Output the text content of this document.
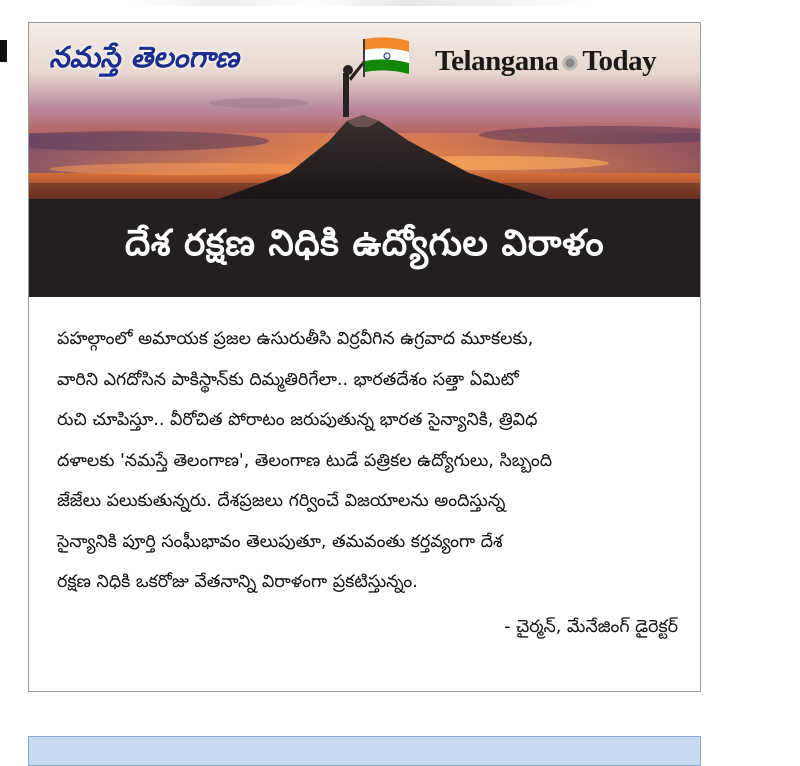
నమస్తే తెలంగాణ	Telangana Today
దేశ రక్షణ నిధికి ఉద్యోగుల విరాళం
పహల్గాంలో అమాయక ప్రజల ఉసురుతీసి విర్రవీగిన ఉగ్రవాద మూకలకు,
వారిని ఎగదోసిన పాకిస్థాన్‌కు దిమ్మతిరిగేలా.. భారతదేశం సత్తా ఏమిటో
రుచి చూపిస్తూ.. వీరోచిత పోరాటం జరుపుతున్న భారత సైన్యానికి, త్రివిధ
దళాలకు 'నమస్తే తెలంగాణ', తెలంగాణ టుడే పత్రికల ఉద్యోగులు, సిబ్బంది
జేజేలు పలుకుతున్నరు. దేశప్రజలు గర్వించే విజయాలను అందిస్తున్న
సైన్యానికి పూర్తి సంఘీభావం తెలుపుతూ, తమవంతు కర్తవ్యంగా దేశ
రక్షణ నిధికి ఒకరోజు వేతనాన్ని విరాళంగా ప్రకటిస్తున్నం.
- చైర్మన్, మేనేజింగ్ డైరెక్టర్
